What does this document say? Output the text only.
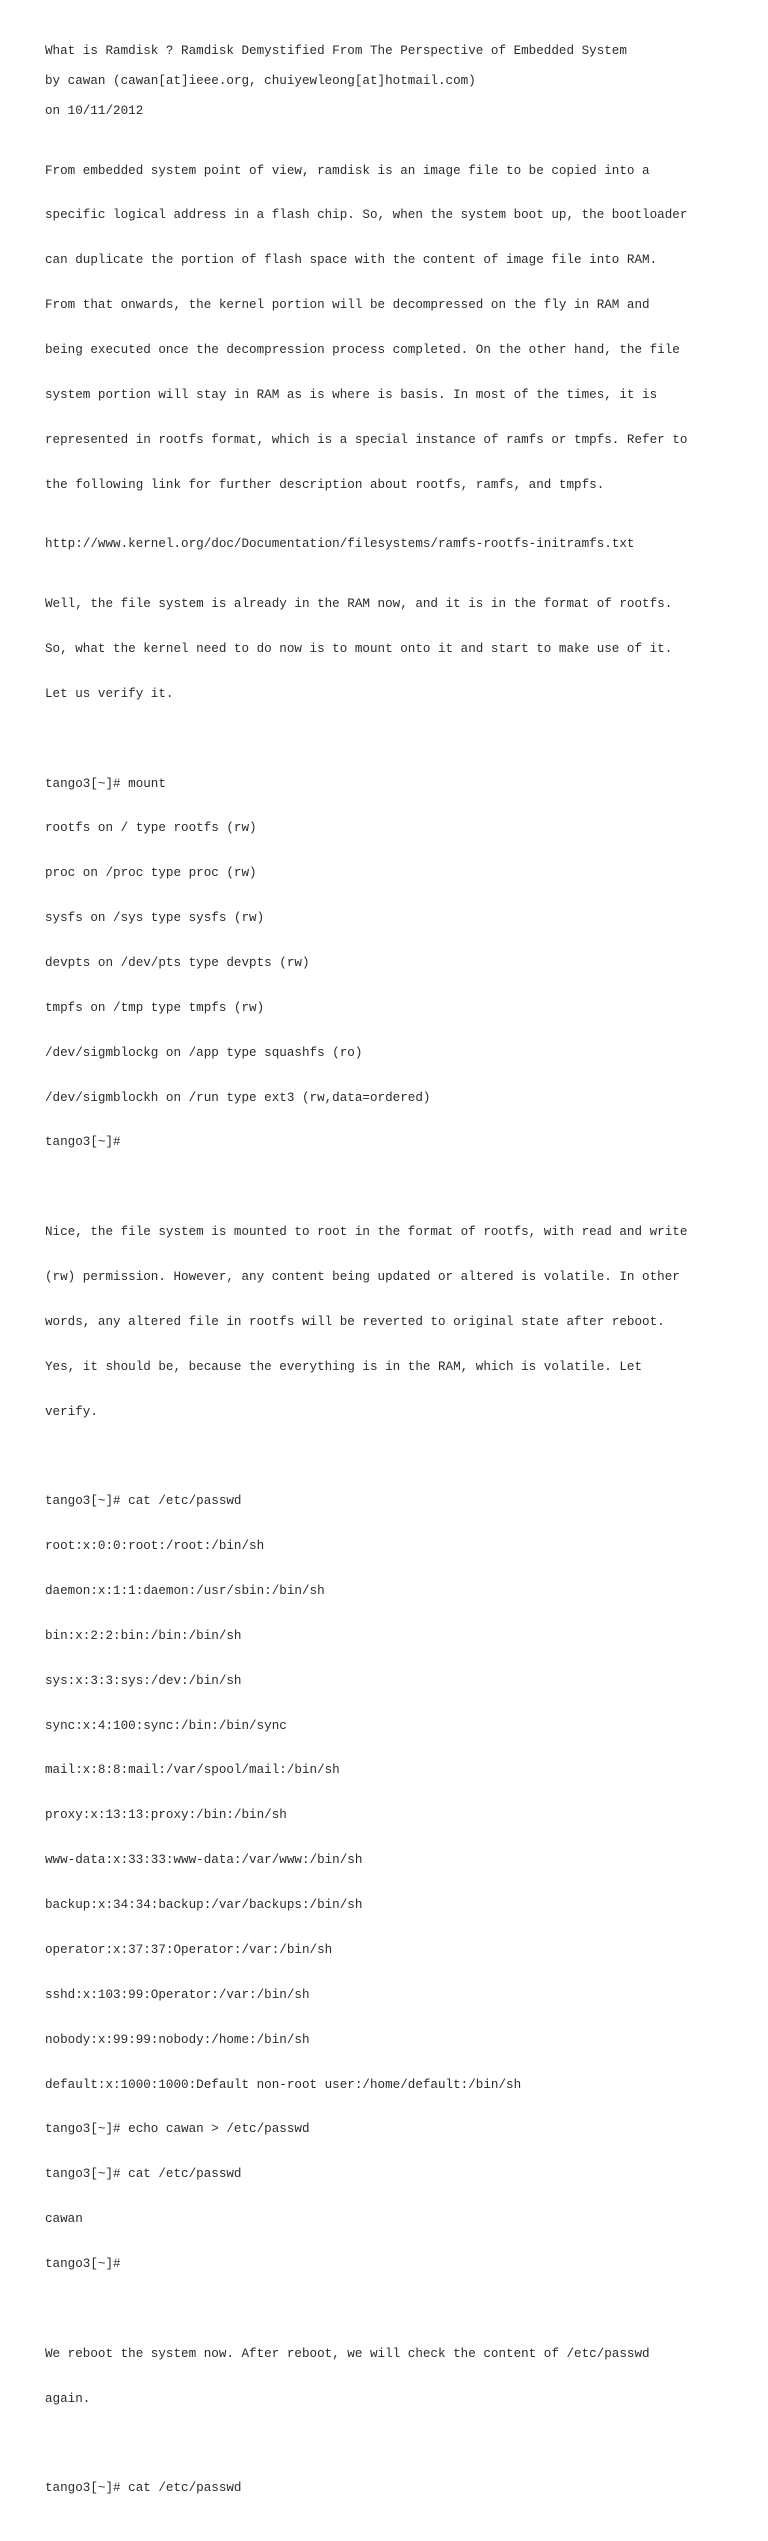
What is Ramdisk ? Ramdisk Demystified From The Perspective of Embedded System
by cawan (cawan[at]ieee.org, chuiyewleong[at]hotmail.com)
on 10/11/2012

From embedded system point of view, ramdisk is an image file to be copied into a

specific logical address in a flash chip. So, when the system boot up, the bootloader

can duplicate the portion of flash space with the content of image file into RAM.

From that onwards, the kernel portion will be decompressed on the fly in RAM and

being executed once the decompression process completed. On the other hand, the file

system portion will stay in RAM as is where is basis. In most of the times, it is

represented in rootfs format, which is a special instance of ramfs or tmpfs. Refer to

the following link for further description about rootfs, ramfs, and tmpfs.

http://www.kernel.org/doc/Documentation/filesystems/ramfs-rootfs-initramfs.txt

Well, the file system is already in the RAM now, and it is in the format of rootfs.

So, what the kernel need to do now is to mount onto it and start to make use of it.

Let us verify it.

tango3[~]# mount

rootfs on / type rootfs (rw)

proc on /proc type proc (rw)

sysfs on /sys type sysfs (rw)

devpts on /dev/pts type devpts (rw)

tmpfs on /tmp type tmpfs (rw)

/dev/sigmblockg on /app type squashfs (ro)

/dev/sigmblockh on /run type ext3 (rw,data=ordered)

tango3[~]#

Nice, the file system is mounted to root in the format of rootfs, with read and write

(rw) permission. However, any content being updated or altered is volatile. In other

words, any altered file in rootfs will be reverted to original state after reboot.

Yes, it should be, because the everything is in the RAM, which is volatile. Let

verify.

tango3[~]# cat /etc/passwd

root:x:0:0:root:/root:/bin/sh

daemon:x:1:1:daemon:/usr/sbin:/bin/sh

bin:x:2:2:bin:/bin:/bin/sh

sys:x:3:3:sys:/dev:/bin/sh

sync:x:4:100:sync:/bin:/bin/sync

mail:x:8:8:mail:/var/spool/mail:/bin/sh

proxy:x:13:13:proxy:/bin:/bin/sh

www-data:x:33:33:www-data:/var/www:/bin/sh

backup:x:34:34:backup:/var/backups:/bin/sh

operator:x:37:37:Operator:/var:/bin/sh

sshd:x:103:99:Operator:/var:/bin/sh

nobody:x:99:99:nobody:/home:/bin/sh

default:x:1000:1000:Default non-root user:/home/default:/bin/sh

tango3[~]# echo cawan > /etc/passwd

tango3[~]# cat /etc/passwd

cawan

tango3[~]#

We reboot the system now. After reboot, we will check the content of /etc/passwd

again.

tango3[~]# cat /etc/passwd
